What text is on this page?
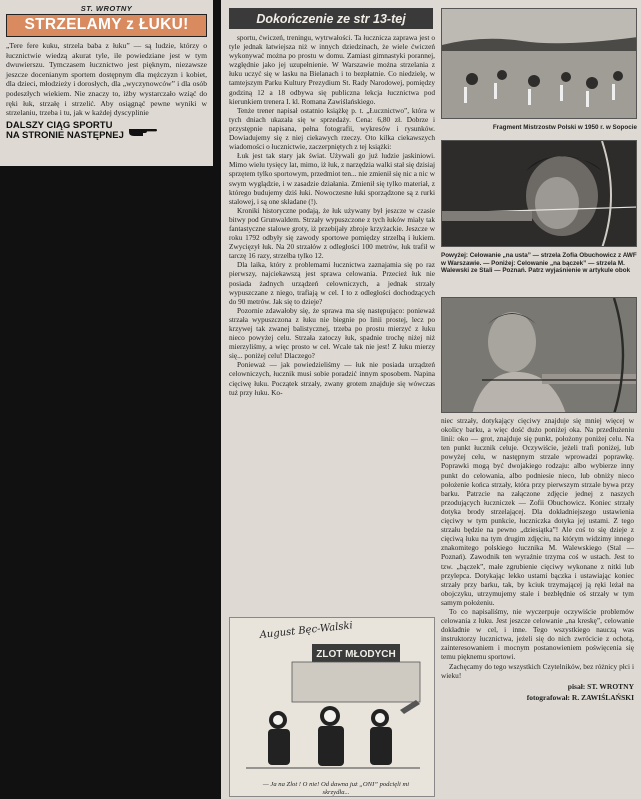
ST. WROTNY
STRZELAMY z ŁUKU!
„Tere fere kuku, strzela baba z łuku” — są ludzie, którzy o łucznictwie wiedzą akurat tyle, ile powiedziane jest w tym dwuwierszu. Tymczasem łucznictwo jest pięknym, niezawsze jeszcze docenianym sportem dostępnym dla mężczyzn i kobiet, dla dzieci, młodzieży i dorosłych, dla „wyczynowców” i dla osób podeszłych wiekiem. Nie znaczy to, iżby wystarczało wziąć do ręki łuk, strzałę i strzelić. Aby osiągnąć pewne wyniki w strzelaniu, trzeba i tu, jak w każdej dyscyplinie
DALSZY CIĄG SPORTU
NA STRONIE NASTĘPNEJ
Dokończenie ze str 13-tej

sportu, ćwiczeń, treningu, wytrwałości. Ta łucznicza zaprawa jest o tyle jednak łatwiejsza niż w innych dziedzinach, że wiele ćwiczeń wykonywać można po prostu w domu. Zamiast gimnastyki porannej, względnie jako jej uzupełnienie. W Warszawie można strzelania z łuku uczyć się w lasku na Bielanach i to bezpłatnie. Co niedzielę, w tamtejszym Parku Kultury Prezydium St. Rady Narodowej, pomiędzy godziną 12 a 18 odbywa się publiczna lekcja łucznictwa pod kierunkiem trenera I. kl. Romana Zawiślańskiego.

Tenże trener napisał ostatnio książkę p. t. „Łucznictwo”, która w tych dniach ukazała się w sprzedaży. Cena: 6,80 zł. Dobrze i przystępnie napisana, pełna fotografii, wykresów i rysunków. Dowiadujemy się z niej ciekawych rzeczy. Oto kilka ciekawszych wiadomości o łucznictwie, zaczerpniętych z tej książki:

Łuk jest tak stary jak świat. Używali go już ludzie jaskiniowi. Mimo wielu tysięcy lat, mimo, iż łuk, z narzędzia walki stał się dzisiaj sprzętem tylko sportowym, przedmiot ten... nie zmienił się nic a nic w swym wyglądzie, i w zasadzie działania. Zmienił się tylko materiał, z którego budujemy dziś łuki. Nowoczesne łuki sporządzone są z rurki stalowej, i są one składane (!).

Kroniki historyczne podają, że łuk używany był jeszcze w czasie bitwy pod Grunwaldem. Strzały wypuszczone z tych łuków miały tak fantastyczne stalowe groty, iż przebijały zbroje krzyżackie. Jeszcze w roku 1792 odbyły się zawody sportowe pomiędzy strzelbą i łukiem. Zwycięzył łuk. Na 20 strzałów z odległości 100 metrów, łuk trafił w tarczę 16 razy, strzelba tylko 12.

Dla laika, który z problemami łucznictwa zaznajamia się po raz pierwszy, najciekawszą jest sprawa celowania. Przecież łuk nie posiada żadnych urządzeń celowniczych, a jednak strzały wypuszczane z niego, trafiają w cel. I to z odległości dochodzących do 90 metrów. Jak się to dzieje?

Pozornie zdawałoby się, że sprawa ma się następująco: ponieważ strzała wypuszczona z łuku nie biegnie po linii prostej, lecz po krzywej tak zwanej balistycznej, trzeba po prostu mierzyć z łuku nieco powyżej celu. Strzała zatoczy łuk, spadnie trochę niżej niż mierzyliśmy, a więc prosto w cel. Wcale tak nie jest! Z łuku mierzy się... poniżej celu! Dlaczego?

Ponieważ — jak powiedzieliśmy — łuk nie posiada urządzeń celowniczych, łucznik musi sobie poradzić innym sposobem. Napina cięciwę łuku. Początek strzały, zwany grotem znajduje się wówczas tuż przy łuku. Ko-

Fragment Mistrzostw Polski w 1950 r. w Sopocie
Powyżej: Celowanie „na usta” — strzela Zofia Obuchowicz z AWF w Warszawie. — Poniżej: Celowanie „na bączek” — strzela M. Walewski ze Stali — Poznań. Patrz wyjaśnienie w artykule obok

niec strzały, dotykający cięciwy znajduje się mniej więcej w okolicy barku, a więc dość dużo poniżej oka. Na przedłużeniu linii: oko — grot, znajduje się punkt, położony poniżej celu. Na ten punkt łucznik celuje. Oczywiście, jeżeli trafi poniżej, lub powyżej celu, w następnym strzale wprowadzi poprawkę. Poprawki mogą być dwojakiego rodzaju: albo wybierze inny punkt do celowania, albo podniesie nieco, lub obniży nieco położenie końca strzały, która przy pierwszym strzale bywa przy barku. Patrzcie na załączone zdjęcie jednej z naszych przodujących łuczniczek — Zofii Obuchowicz. Koniec strzały dotyka brody strzelającej. Dla dokładniejszego ustawienia cięciwy w tym punkcie, łuczniczka dotyka jej ustami. Z tego strzału będzie na pewno „dziesiątka”! Ale coś to się dzieje z cięciwą łuku na tym drugim zdjęciu, na którym widzimy innego znakomitego polskiego łucznika M. Walewskiego (Stal — Poznań). Zawodnik ten wyraźnie trzyma coś w ustach. Jest to tzw. „bączek”, małe zgrubienie cięciwy wykonane z nitki lub przylepca. Dotykając lekko ustami bączka i ustawiając koniec strzały przy barku, tak, by kciuk trzymającej ją ręki leżał na obojczyku, utrzymujemy stale i bezbłędnie oś strzały w tym samym położeniu.

To co napisaliśmy, nie wyczerpuje oczywiście problemów celowania z łuku. Jest jeszcze celowanie „na kreskę”, celowanie dokładnie w cel, i inne. Tego wszystkiego nauczą was instruktorzy łucznictwa, jeżeli się do nich zwrócicie z ochotą, zainteresowaniem i mocnym postanowieniem poświęcenia się temu pięknemu sportowi.

Zachęcamy do tego wszystkich Czytelników, bez różnicy płci i wieku!

pisał: ST. WROTNY
fotografował: R. ZAWIŚLAŃSKI
August Bęc-Walski
ZLOT MŁODYCH
— Ja na Zlot ! O nie! Od dawna już „ONI” podcięli mi skrzydła...
